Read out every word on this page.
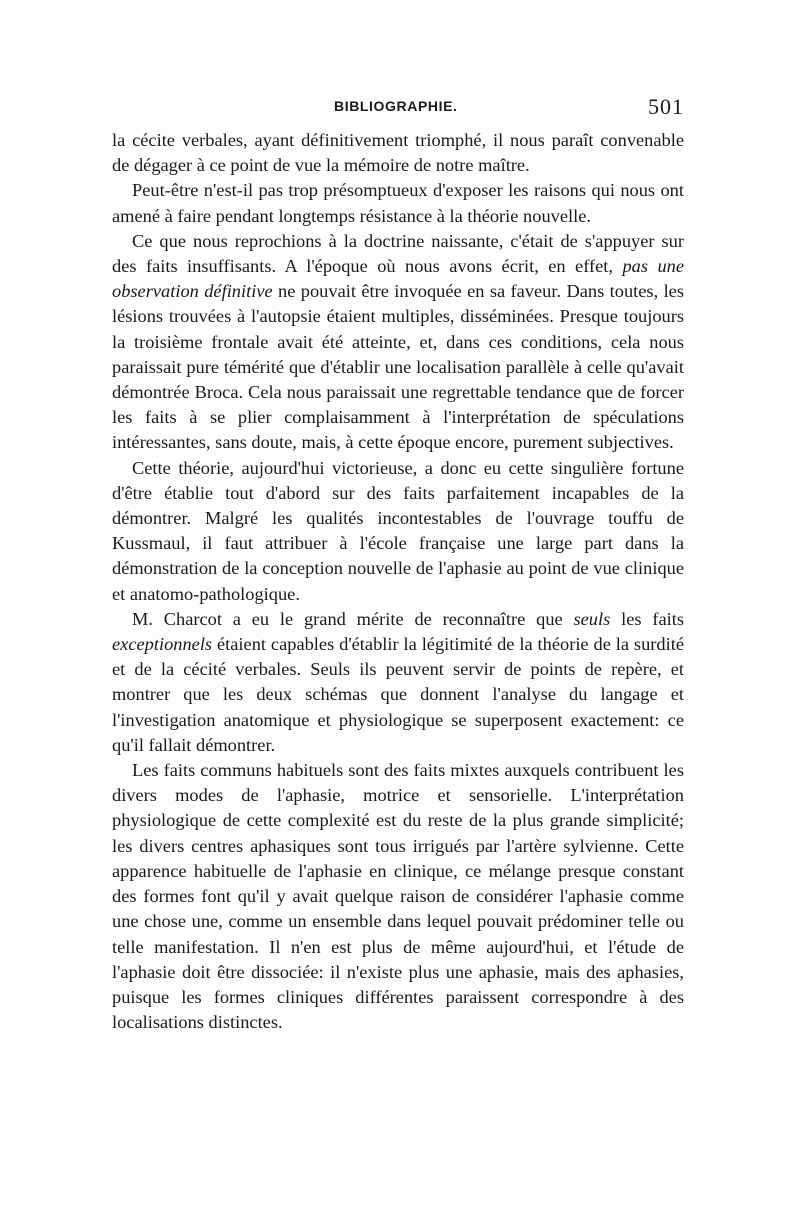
BIBLIOGRAPHIE.	501

la cécite verbales, ayant définitivement triomphé, il nous paraît convenable de dégager à ce point de vue la mémoire de notre maître.

Peut-être n'est-il pas trop présomptueux d'exposer les raisons qui nous ont amené à faire pendant longtemps résistance à la théorie nouvelle.

Ce que nous reprochions à la doctrine naissante, c'était de s'appuyer sur des faits insuffisants. A l'époque où nous avons écrit, en effet, pas une observation définitive ne pouvait être invoquée en sa faveur. Dans toutes, les lésions trouvées à l'autopsie étaient multiples, disséminées. Presque toujours la troisième frontale avait été atteinte, et, dans ces conditions, cela nous paraissait pure témérité que d'établir une localisation parallèle à celle qu'avait démontrée Broca. Cela nous paraissait une regrettable tendance que de forcer les faits à se plier complaisamment à l'interprétation de spéculations intéressantes, sans doute, mais, à cette époque encore, purement subjectives.

Cette théorie, aujourd'hui victorieuse, a donc eu cette singulière fortune d'être établie tout d'abord sur des faits parfaitement incapables de la démontrer. Malgré les qualités incontestables de l'ouvrage touffu de Kussmaul, il faut attribuer à l'école française une large part dans la démonstration de la conception nouvelle de l'aphasie au point de vue clinique et anatomo-pathologique.

M. Charcot a eu le grand mérite de reconnaître que seuls les faits exceptionnels étaient capables d'établir la légitimité de la théorie de la surdité et de la cécité verbales. Seuls ils peuvent servir de points de repère, et montrer que les deux schémas que donnent l'analyse du langage et l'investigation anatomique et physiologique se superposent exactement: ce qu'il fallait démontrer.

Les faits communs habituels sont des faits mixtes auxquels contribuent les divers modes de l'aphasie, motrice et sensorielle. L'interprétation physiologique de cette complexité est du reste de la plus grande simplicité; les divers centres aphasiques sont tous irrigués par l'artère sylvienne. Cette apparence habituelle de l'aphasie en clinique, ce mélange presque constant des formes font qu'il y avait quelque raison de considérer l'aphasie comme une chose une, comme un ensemble dans lequel pouvait prédominer telle ou telle manifestation. Il n'en est plus de même aujourd'hui, et l'étude de l'aphasie doit être dissociée: il n'existe plus une aphasie, mais des aphasies, puisque les formes cliniques différentes paraissent correspondre à des localisations distinctes.
